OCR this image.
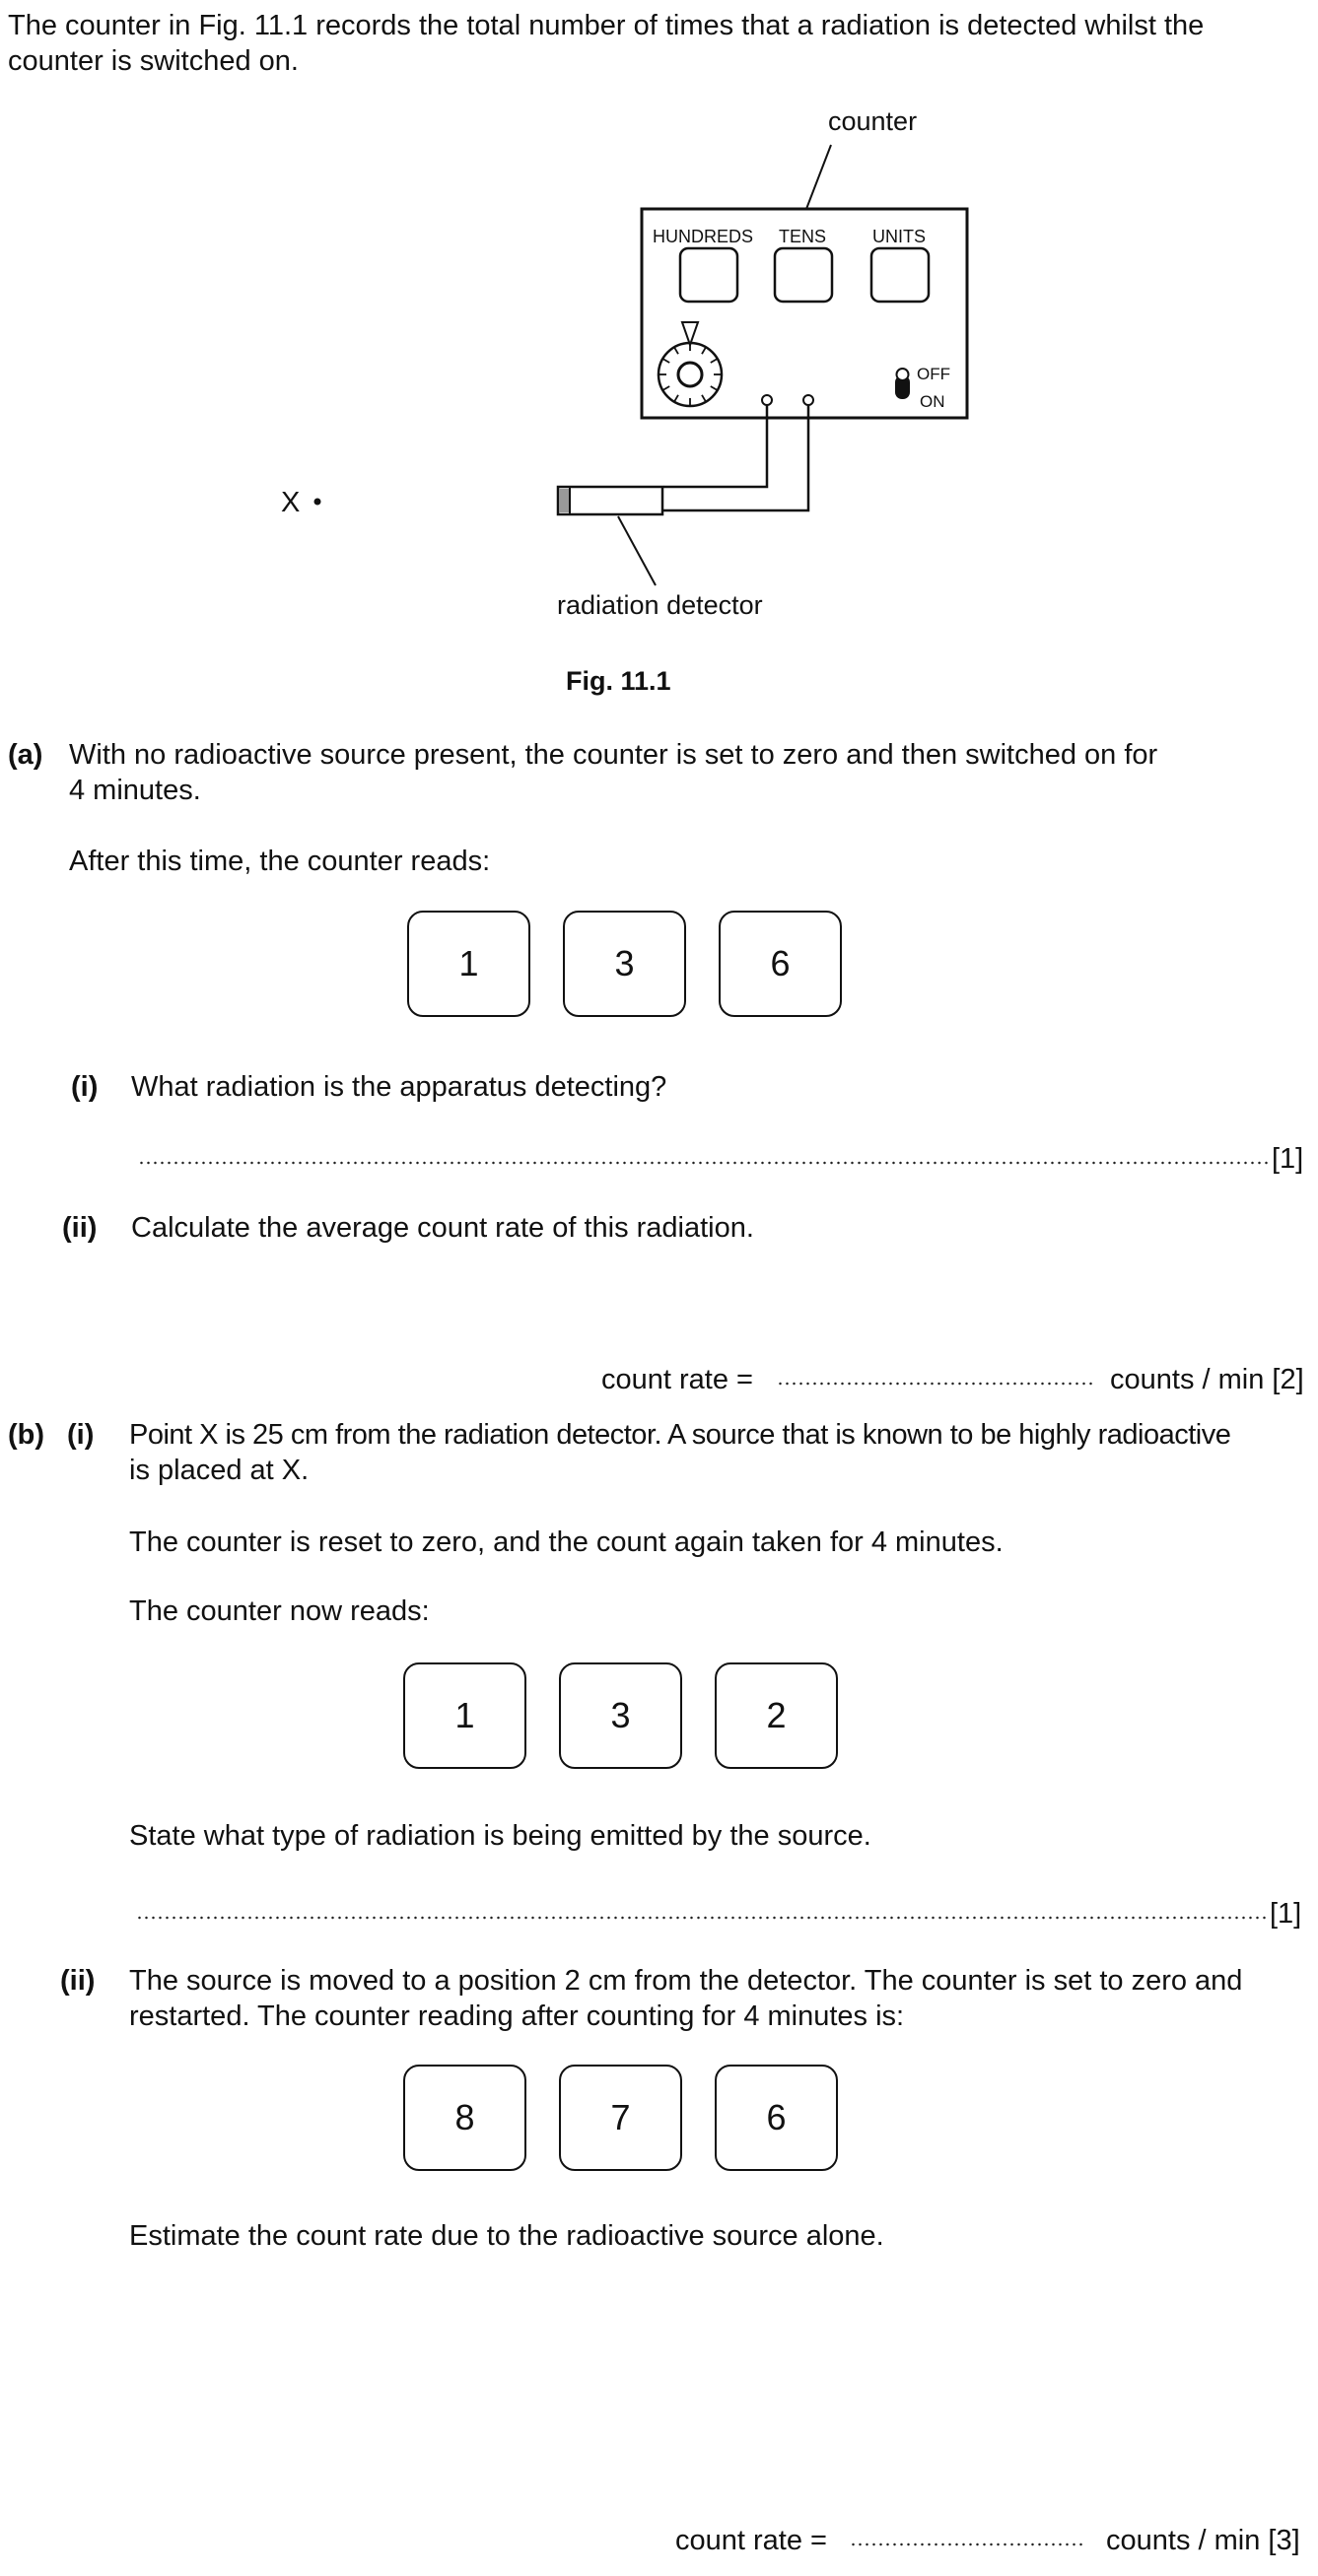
The counter in Fig. 11.1 records the total number of times that a radiation is detected whilst the
counter is switched on.
counter
HUNDREDS TENS	UNITS
OFF
ON
radiation detector
X
Fig. 11.1
(a) With no radioactive source present, the counter is set to zero and then switched on for
4 minutes.
After this time, the counter reads:
1	3	6
(i) What radiation is the apparatus detecting?
[1]
(ii) Calculate the average count rate of this radiation.
count rate =	counts / min [2]
(b) (i) Point X is 25 cm from the radiation detector. A source that is known to be highly radioactive
is placed at X.
The counter is reset to zero, and the count again taken for 4 minutes.
The counter now reads:
1	3	2
State what type of radiation is being emitted by the source.
[1]
(ii) The source is moved to a position 2 cm from the detector. The counter is set to zero and
restarted. The counter reading after counting for 4 minutes is:
8	7	6
Estimate the count rate due to the radioactive source alone.
count rate =	counts / min [3]
